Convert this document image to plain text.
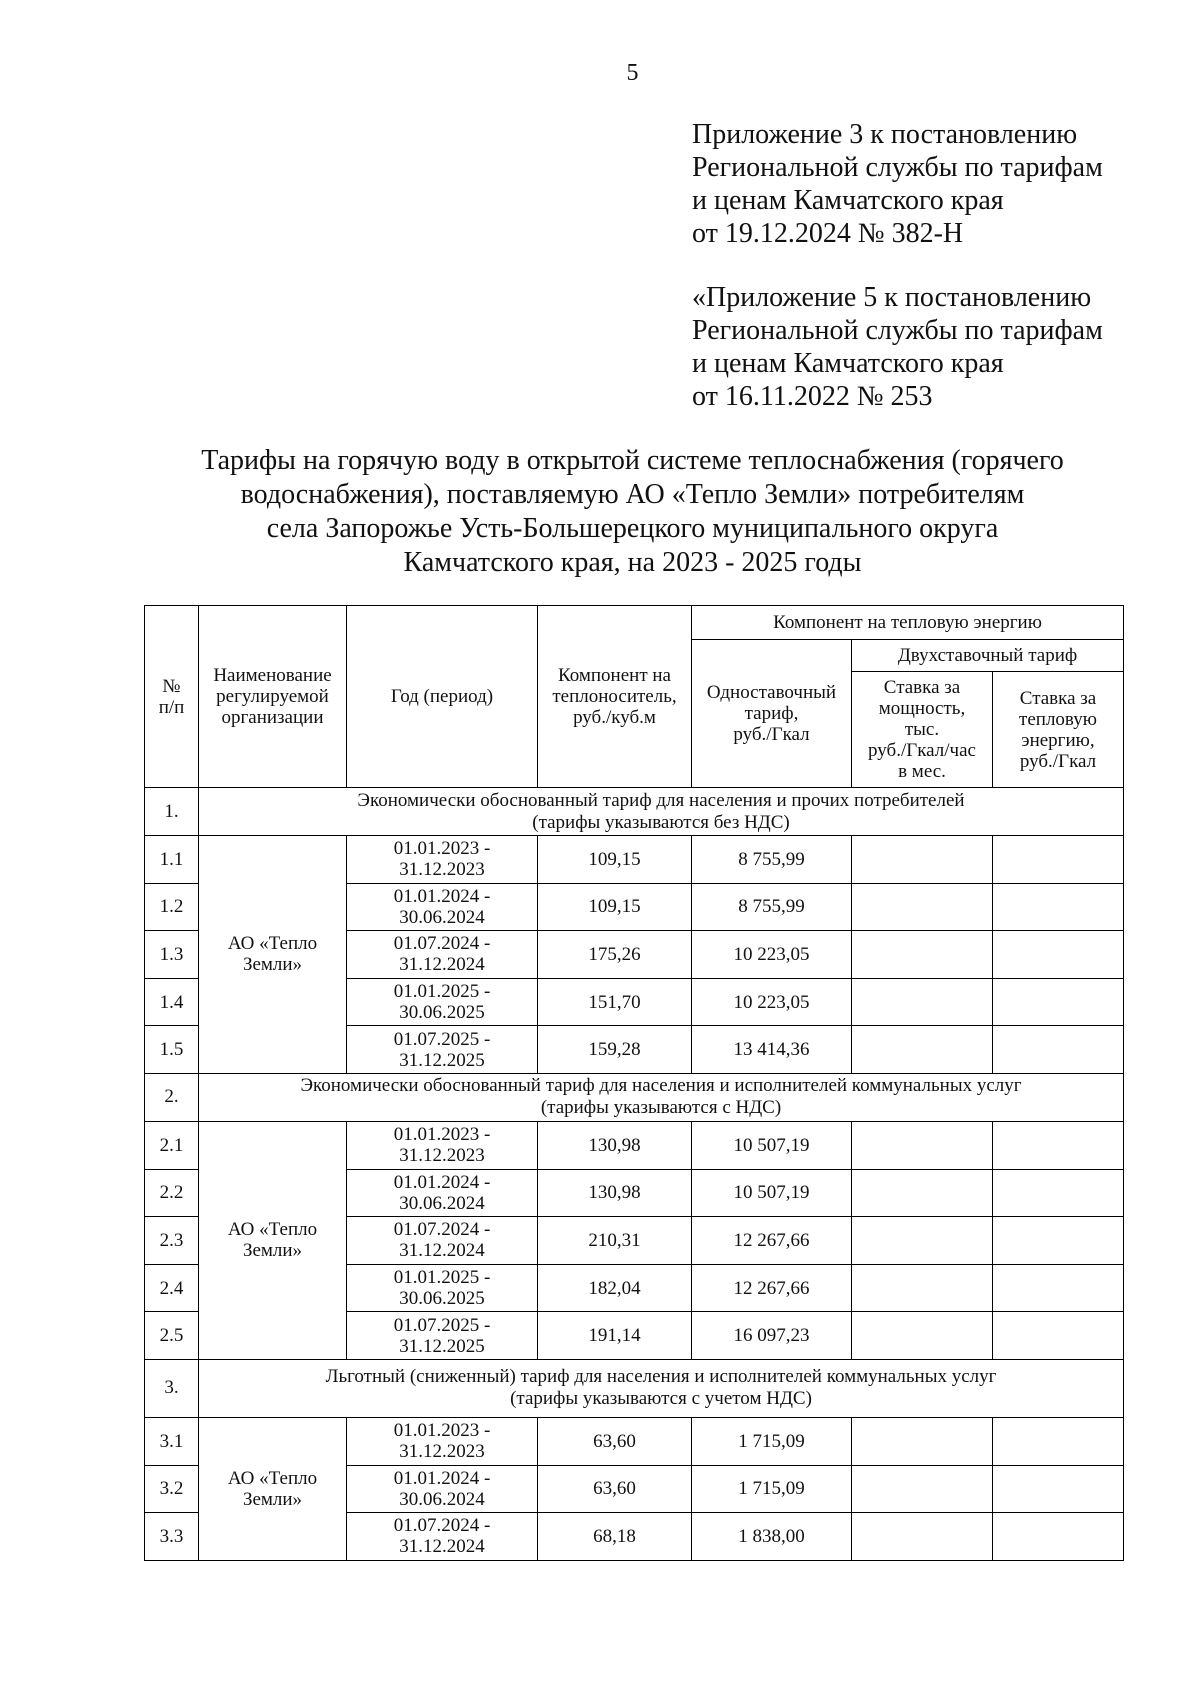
5
Приложение 3 к постановлению
Региональной службы по тарифам
и ценам Камчатского края
от 19.12.2024 № 382-Н
«Приложение 5 к постановлению
Региональной службы по тарифам
и ценам Камчатского края
от 16.11.2022 № 253
Тарифы на горячую воду в открытой системе теплоснабжения (горячего
водоснабжения), поставляемую АО «Тепло Земли» потребителям
села Запорожье Усть-Большерецкого муниципального округа
Камчатского края, на 2023 - 2025 годы
№
п/п	Наименование
регулируемой
организации	Год (период)	Компонент на
теплоноситель,
руб./куб.м	Компонент на тепловую энергию		
				Одноставочный
тариф,
руб./Гкал	Двухставочный тариф	
					Ставка за
мощность,
тыс.
руб./Гкал/час
в мес.	Ставка за
тепловую
энергию,
руб./Гкал
1.	Экономически обоснованный тариф для населения и прочих потребителей
(тарифы указываются без НДС)					
1.1	АО «Тепло
Земли»	01.01.2023 -
31.12.2023	109,15	8 755,99		
1.2		01.01.2024 -
30.06.2024	109,15	8 755,99		
1.3		01.07.2024 -
31.12.2024	175,26	10 223,05		
1.4		01.01.2025 -
30.06.2025	151,70	10 223,05		
1.5		01.07.2025 -
31.12.2025	159,28	13 414,36		
2.	Экономически обоснованный тариф для населения и исполнителей коммунальных услуг
(тарифы указываются с НДС)					
2.1	АО «Тепло
Земли»	01.01.2023 -
31.12.2023	130,98	10 507,19		
2.2		01.01.2024 -
30.06.2024	130,98	10 507,19		
2.3		01.07.2024 -
31.12.2024	210,31	12 267,66		
2.4		01.01.2025 -
30.06.2025	182,04	12 267,66		
2.5		01.07.2025 -
31.12.2025	191,14	16 097,23		
3.	Льготный (сниженный) тариф для населения и исполнителей коммунальных услуг
(тарифы указываются с учетом НДС)					
3.1	АО «Тепло
Земли»	01.01.2023 -
31.12.2023	63,60	1 715,09		
3.2		01.01.2024 -
30.06.2024	63,60	1 715,09		
3.3		01.07.2024 -
31.12.2024	68,18	1 838,00		
